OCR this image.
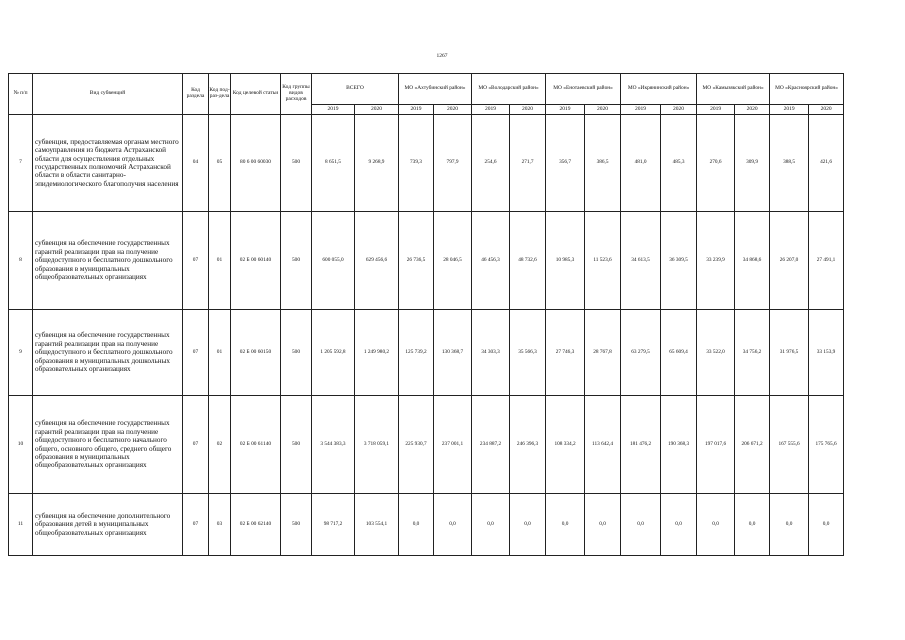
1267
№ п/п	Вид субвенций	Код раздела	Код под-раз-дела	Код целевой статьи	Код группы видов расходов	ВСЕГО		МО «Ахтубинский район»		МО «Володарский район»		МО «Енотаевский район»		МО «Икрянинский район»		МО «Камызякский район»		МО «Красноярский район»	
						2019	2020	2019	2020	2019	2020	2019	2020	2019	2020	2019	2020	2019	2020
7	субвенция, предоставляемая органам местного самоуправления из бюджета Астраханской области для осуществления отдельных государственных полномочий Астраханской области в области санитарно-эпидемиологического благополучия населения	04	05	80 6 00 60030	500	8 651,5	9 268,9	739,3	797,9	254,6	271,7	356,7	386,5	481,0	485,3	270,6	309,9	388,5	421,6
8	субвенция на обеспечение государственных гарантий реализации прав на получение общедоступного и бесплатного дошкольного образования в муниципальных общеобразовательных организациях	07	01	02 Б 00 60140	500	600 055,0	629 456,6	26 736,5	28 046,5	46 456,3	48 732,6	10 985,3	11 523,6	34 613,5	36 309,5	33 239,9	34 868,6	26 207,0	27 491,1
9	субвенция на обеспечение государственных гарантий реализации прав на получение общедоступного и бесплатного дошкольного образования в муниципальных дошкольных образовательных организациях	07	01	02 Б 00 60150	500	1 205 592,8	1 249 980,2	125 739,2	130 368,7	34 303,3	35 566,3	27 746,3	28 767,8	63 279,5	65 609,4	33 522,0	34 756,2	31 976,5	33 153,9
10	субвенция на обеспечение государственных гарантий реализации прав на получение общедоступного и бесплатного начального общего, основного общего, среднего общего образования в муниципальных общеобразовательных организациях	07	02	02 Б 00 61140	500	3 544 383,3	3 718 059,1	225 930,7	237 001,1	234 887,2	246 396,3	108 334,2	113 642,4	181 476,2	190 368,3	197 017,6	206 671,2	167 555,6	175 765,6
11	субвенция на обеспечение дополнительного образования детей в муниципальных общеобразовательных организациях	07	03	02 Б 00 62140	500	98 717,2	103 554,1	0,0	0,0	0,0	0,0	0,0	0,0	0,0	0,0	0,0	0,0	0,0	0,0
